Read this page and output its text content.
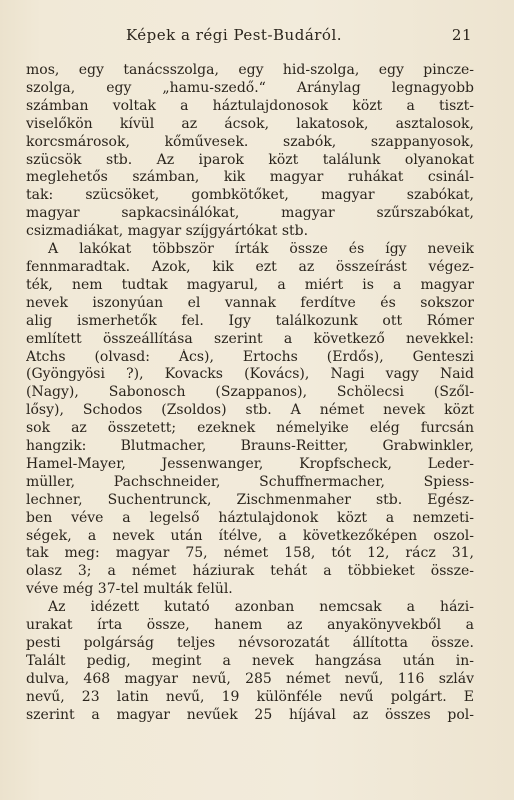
Képek a régi Pest-Budáról.	21
mos, egy tanácsszolga, egy hid-szolga, egy pincze-
szolga, egy „hamu-szedő.“ Aránylag legnagyobb
számban voltak a háztulajdonosok közt a tiszt-
viselőkön kívül az ácsok, lakatosok, asztalosok,
korcsmárosok, kőművesek. szabók, szappanyosok,
szücsök stb. Az iparok közt találunk olyanokat
meglehetős számban, kik magyar ruhákat csinál-
tak: szücsöket, gombkötőket, magyar szabókat,
magyar sapkacsinálókat, magyar szűrszabókat,
csizmadiákat, magyar szíjgyártókat stb.
A lakókat többször írták össze és így neveik
fennmaradtak. Azok, kik ezt az összeírást végez-
ték, nem tudtak magyarul, a miért is a magyar
nevek iszonyúan el vannak ferdítve és sokszor
alig ismerhetők fel. Igy találkozunk ott Rómer
említett összeállítása szerint a következő nevekkel:
Atchs (olvasd: Ács), Ertochs (Erdős), Genteszi
(Gyöngyösi ?), Kovacks (Kovács), Nagi vagy Naid
(Nagy), Sabonosch (Szappanos), Schölecsi (Szől-
lősy), Schodos (Zsoldos) stb. A német nevek közt
sok az összetett; ezeknek némelyike elég furcsán
hangzik: Blutmacher, Brauns-Reitter, Grabwinkler,
Hamel-Mayer, Jessenwanger, Kropfscheck, Leder-
müller, Pachschneider, Schuffnermacher, Spiess-
lechner, Suchentrunck, Zischmenmaher stb. Egész-
ben véve a legelső háztulajdonok közt a nemzeti-
ségek, a nevek után ítélve, a következőképen oszol-
tak meg: magyar 75, német 158, tót 12, rácz 31,
olasz 3; a német háziurak tehát a többieket össze-
véve még 37-tel multák felül.
Az idézett kutató azonban nemcsak a házi-
urakat írta össze, hanem az anyakönyvekből a
pesti polgárság teljes névsorozatát állította össze.
Talált pedig, megint a nevek hangzása után in-
dulva, 468 magyar nevű, 285 német nevű, 116 szláv
nevű, 23 latin nevű, 19 különféle nevű polgárt. E
szerint a magyar nevűek 25 híjával az összes pol-
